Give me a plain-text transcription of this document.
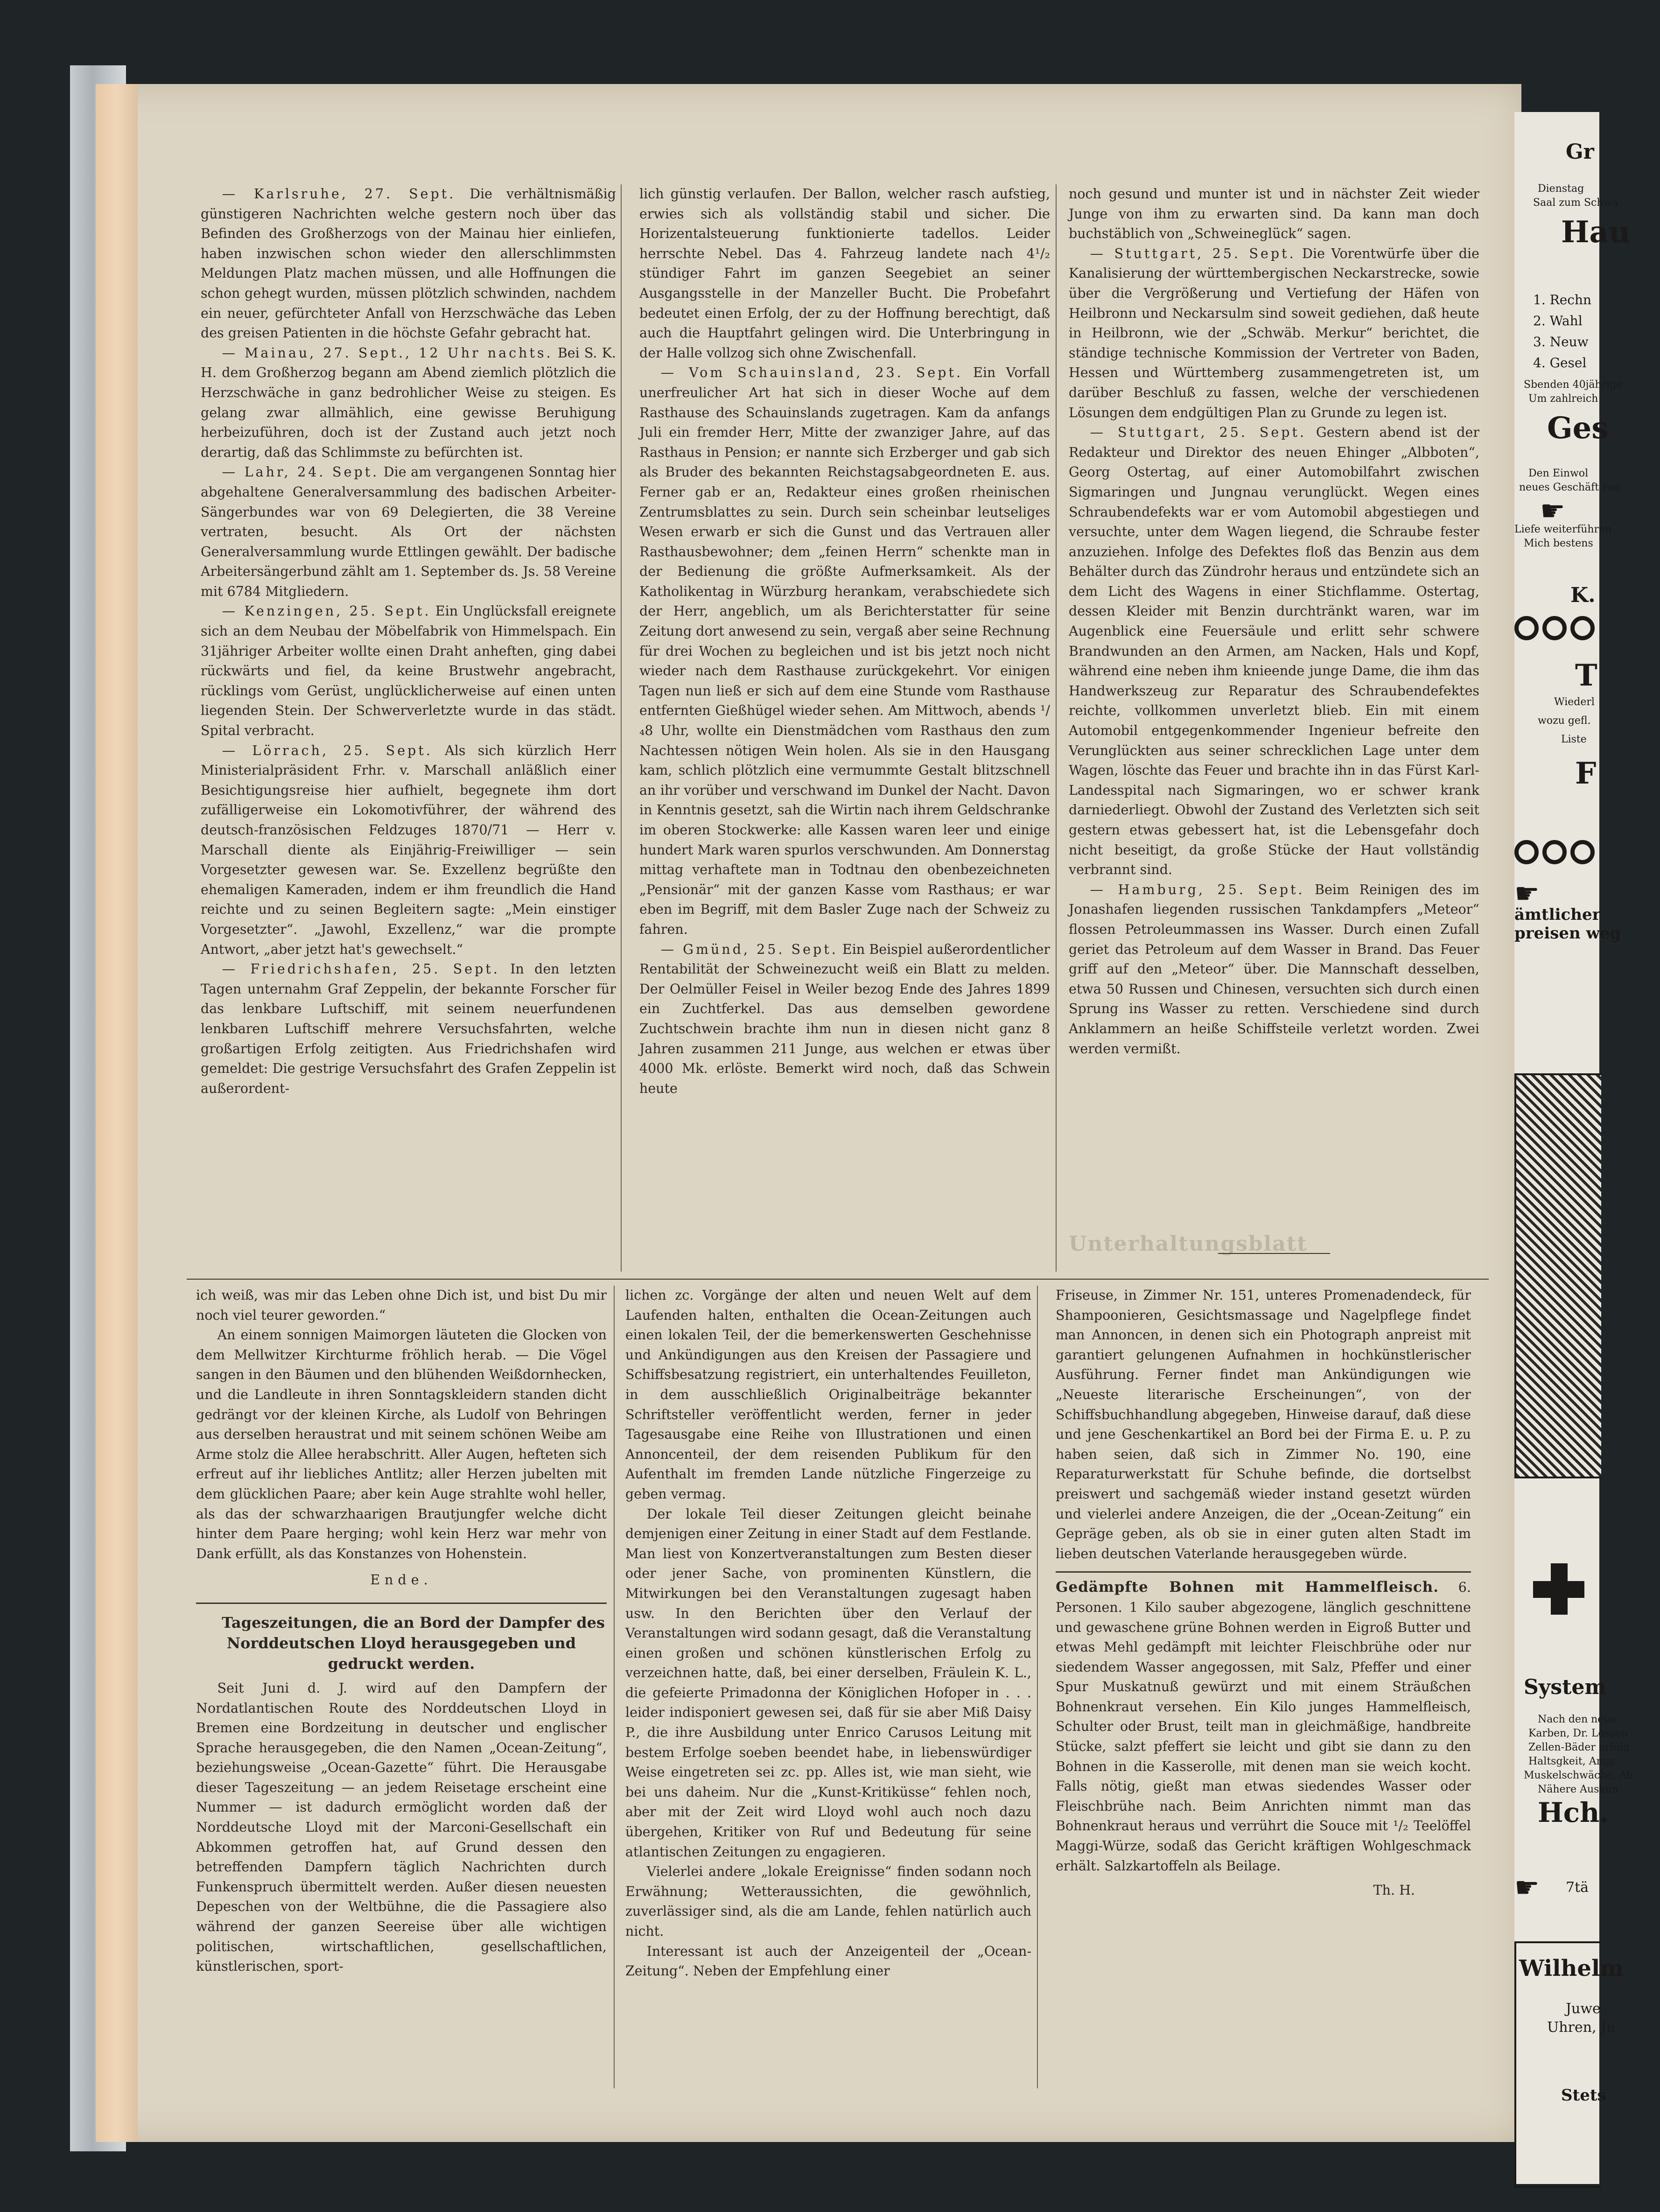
— Karlsruhe, 27. Sept. Die verhältnismäßig günstigeren Nachrichten welche gestern noch über das Befinden des Großherzogs von der Mainau hier einliefen, haben inzwischen schon wieder den allerschlimmsten Meldungen Platz machen müssen, und alle Hoffnungen die schon gehegt wurden, müssen plötzlich schwinden, nachdem ein neuer, gefürchteter Anfall von Herzschwäche das Leben des greisen Patienten in die höchste Gefahr gebracht hat.

— Mainau, 27. Sept., 12 Uhr nachts. Bei S. K. H. dem Großherzog begann am Abend ziemlich plötzlich die Herzschwäche in ganz bedrohlicher Weise zu steigen. Es gelang zwar allmählich, eine gewisse Beruhigung herbeizuführen, doch ist der Zustand auch jetzt noch derartig, daß das Schlimmste zu befürchten ist.

— Lahr, 24. Sept. Die am vergangenen Sonntag hier abgehaltene Generalversammlung des badischen Arbeiter-Sängerbundes war von 69 Delegierten, die 38 Vereine vertraten, besucht. Als Ort der nächsten Generalversammlung wurde Ettlingen gewählt. Der badische Arbeitersängerbund zählt am 1. September ds. Js. 58 Vereine mit 6784 Mitgliedern.

— Kenzingen, 25. Sept. Ein Unglücksfall ereignete sich an dem Neubau der Möbelfabrik von Himmelspach. Ein 31jähriger Arbeiter wollte einen Draht anheften, ging dabei rückwärts und fiel, da keine Brustwehr angebracht, rücklings vom Gerüst, unglücklicherweise auf einen unten liegenden Stein. Der Schwerverletzte wurde in das städt. Spital verbracht.

— Lörrach, 25. Sept. Als sich kürzlich Herr Ministerialpräsident Frhr. v. Marschall anläßlich einer Besichtigungsreise hier aufhielt, begegnete ihm dort zufälligerweise ein Lokomotivführer, der während des deutsch-französischen Feldzuges 1870/71 — Herr v. Marschall diente als Einjährig-Freiwilliger — sein Vorgesetzter gewesen war. Se. Exzellenz begrüßte den ehemaligen Kameraden, indem er ihm freundlich die Hand reichte und zu seinen Begleitern sagte: „Mein einstiger Vorgesetzter“. „Jawohl, Exzellenz,“ war die prompte Antwort, „aber jetzt hat's gewechselt.“

— Friedrichshafen, 25. Sept. In den letzten Tagen unternahm Graf Zeppelin, der bekannte Forscher für das lenkbare Luftschiff, mit seinem neuerfundenen lenkbaren Luftschiff mehrere Versuchsfahrten, welche großartigen Erfolg zeitigten. Aus Friedrichshafen wird gemeldet: Die gestrige Versuchsfahrt des Grafen Zeppelin ist außerordent-

lich günstig verlaufen. Der Ballon, welcher rasch aufstieg, erwies sich als vollständig stabil und sicher. Die Horizentalsteuerung funktionierte tadellos. Leider herrschte Nebel. Das 4. Fahrzeug landete nach 4¹/₂ stündiger Fahrt im ganzen Seegebiet an seiner Ausgangsstelle in der Manzeller Bucht. Die Probefahrt bedeutet einen Erfolg, der zu der Hoffnung berechtigt, daß auch die Hauptfahrt gelingen wird. Die Unterbringung in der Halle vollzog sich ohne Zwischenfall.

— Vom Schauinsland, 23. Sept. Ein Vorfall unerfreulicher Art hat sich in dieser Woche auf dem Rasthause des Schauinslands zugetragen. Kam da anfangs Juli ein fremder Herr, Mitte der zwanziger Jahre, auf das Rasthaus in Pension; er nannte sich Erzberger und gab sich als Bruder des bekannten Reichstagsabgeordneten E. aus. Ferner gab er an, Redakteur eines großen rheinischen Zentrumsblattes zu sein. Durch sein scheinbar leutseliges Wesen erwarb er sich die Gunst und das Vertrauen aller Rasthausbewohner; dem „feinen Herrn“ schenkte man in der Bedienung die größte Aufmerksamkeit. Als der Katholikentag in Würzburg herankam, verabschiedete sich der Herr, angeblich, um als Berichterstatter für seine Zeitung dort anwesend zu sein, vergaß aber seine Rechnung für drei Wochen zu begleichen und ist bis jetzt noch nicht wieder nach dem Rasthause zurückgekehrt. Vor einigen Tagen nun ließ er sich auf dem eine Stunde vom Rasthause entfernten Gießhügel wieder sehen. Am Mittwoch, abends ¹/₄8 Uhr, wollte ein Dienstmädchen vom Rasthaus den zum Nachtessen nötigen Wein holen. Als sie in den Hausgang kam, schlich plötzlich eine vermummte Gestalt blitzschnell an ihr vorüber und verschwand im Dunkel der Nacht. Davon in Kenntnis gesetzt, sah die Wirtin nach ihrem Geldschranke im oberen Stockwerke: alle Kassen waren leer und einige hundert Mark waren spurlos verschwunden. Am Donnerstag mittag verhaftete man in Todtnau den obenbezeichneten „Pensionär“ mit der ganzen Kasse vom Rasthaus; er war eben im Begriff, mit dem Basler Zuge nach der Schweiz zu fahren.

— Gmünd, 25. Sept. Ein Beispiel außerordentlicher Rentabilität der Schweinezucht weiß ein Blatt zu melden. Der Oelmüller Feisel in Weiler bezog Ende des Jahres 1899 ein Zuchtferkel. Das aus demselben gewordene Zuchtschwein brachte ihm nun in diesen nicht ganz 8 Jahren zusammen 211 Junge, aus welchen er etwas über 4000 Mk. erlöste. Bemerkt wird noch, daß das Schwein heute

noch gesund und munter ist und in nächster Zeit wieder Junge von ihm zu erwarten sind. Da kann man doch buchstäblich von „Schweineglück“ sagen.

— Stuttgart, 25. Sept. Die Vorentwürfe über die Kanalisierung der württembergischen Neckarstrecke, sowie über die Vergrößerung und Vertiefung der Häfen von Heilbronn und Neckarsulm sind soweit gediehen, daß heute in Heilbronn, wie der „Schwäb. Merkur“ berichtet, die ständige technische Kommission der Vertreter von Baden, Hessen und Württemberg zusammengetreten ist, um darüber Beschluß zu fassen, welche der verschiedenen Lösungen dem endgültigen Plan zu Grunde zu legen ist.

— Stuttgart, 25. Sept. Gestern abend ist der Redakteur und Direktor des neuen Ehinger „Albboten“, Georg Ostertag, auf einer Automobilfahrt zwischen Sigmaringen und Jungnau verunglückt. Wegen eines Schraubendefekts war er vom Automobil abgestiegen und versuchte, unter dem Wagen liegend, die Schraube fester anzuziehen. Infolge des Defektes floß das Benzin aus dem Behälter durch das Zündrohr heraus und entzündete sich an dem Licht des Wagens in einer Stichflamme. Ostertag, dessen Kleider mit Benzin durchtränkt waren, war im Augenblick eine Feuersäule und erlitt sehr schwere Brandwunden an den Armen, am Nacken, Hals und Kopf, während eine neben ihm knieende junge Dame, die ihm das Handwerkszeug zur Reparatur des Schraubendefektes reichte, vollkommen unverletzt blieb. Ein mit einem Automobil entgegenkommender Ingenieur befreite den Verunglückten aus seiner schrecklichen Lage unter dem Wagen, löschte das Feuer und brachte ihn in das Fürst Karl-Landesspital nach Sigmaringen, wo er schwer krank darniederliegt. Obwohl der Zustand des Verletzten sich seit gestern etwas gebessert hat, ist die Lebensgefahr doch nicht beseitigt, da große Stücke der Haut vollständig verbrannt sind.

— Hamburg, 25. Sept. Beim Reinigen des im Jonashafen liegenden russischen Tankdampfers „Meteor“ flossen Petroleummassen ins Wasser. Durch einen Zufall geriet das Petroleum auf dem Wasser in Brand. Das Feuer griff auf den „Meteor“ über. Die Mannschaft desselben, etwa 50 Russen und Chinesen, versuchten sich durch einen Sprung ins Wasser zu retten. Verschiedene sind durch Anklammern an heiße Schiffsteile verletzt worden. Zwei werden vermißt.

Unterhaltungsblatt

ich weiß, was mir das Leben ohne Dich ist, und bist Du mir noch viel teurer geworden.“

An einem sonnigen Maimorgen läuteten die Glocken von dem Mellwitzer Kirchturme fröhlich herab. — Die Vögel sangen in den Bäumen und den blühenden Weißdornhecken, und die Landleute in ihren Sonntagskleidern standen dicht gedrängt vor der kleinen Kirche, als Ludolf von Behringen aus derselben heraustrat und mit seinem schönen Weibe am Arme stolz die Allee herabschritt. Aller Augen, hefteten sich erfreut auf ihr liebliches Antlitz; aller Herzen jubelten mit dem glücklichen Paare; aber kein Auge strahlte wohl heller, als das der schwarzhaarigen Brautjungfer welche dicht hinter dem Paare herging; wohl kein Herz war mehr von Dank erfüllt, als das Konstanzes von Hohenstein.

Ende.

Tageszeitungen, die an Bord der Dampfer des Norddeutschen Lloyd herausgegeben und gedruckt werden.

Seit Juni d. J. wird auf den Dampfern der Nordatlantischen Route des Norddeutschen Lloyd in Bremen eine Bordzeitung in deutscher und englischer Sprache herausgegeben, die den Namen „Ocean-Zeitung“, beziehungsweise „Ocean-Gazette“ führt. Die Herausgabe dieser Tageszeitung — an jedem Reisetage erscheint eine Nummer — ist dadurch ermöglicht worden daß der Norddeutsche Lloyd mit der Marconi-Gesellschaft ein Abkommen getroffen hat, auf Grund dessen den betreffenden Dampfern täglich Nachrichten durch Funkenspruch übermittelt werden. Außer diesen neuesten Depeschen von der Weltbühne, die die Passagiere also während der ganzen Seereise über alle wichtigen politischen, wirtschaftlichen, gesellschaftlichen, künstlerischen, sport-

lichen zc. Vorgänge der alten und neuen Welt auf dem Laufenden halten, enthalten die Ocean-Zeitungen auch einen lokalen Teil, der die bemerkenswerten Geschehnisse und Ankündigungen aus den Kreisen der Passagiere und Schiffsbesatzung registriert, ein unterhaltendes Feuilleton, in dem ausschließlich Originalbeiträge bekannter Schriftsteller veröffentlicht werden, ferner in jeder Tagesausgabe eine Reihe von Illustrationen und einen Annoncenteil, der dem reisenden Publikum für den Aufenthalt im fremden Lande nützliche Fingerzeige zu geben vermag.

Der lokale Teil dieser Zeitungen gleicht beinahe demjenigen einer Zeitung in einer Stadt auf dem Festlande. Man liest von Konzertveranstaltungen zum Besten dieser oder jener Sache, von prominenten Künstlern, die Mitwirkungen bei den Veranstaltungen zugesagt haben usw. In den Berichten über den Verlauf der Veranstaltungen wird sodann gesagt, daß die Veranstaltung einen großen und schönen künstlerischen Erfolg zu verzeichnen hatte, daß, bei einer derselben, Fräulein K. L., die gefeierte Primadonna der Königlichen Hofoper in . . . leider indisponiert gewesen sei, daß für sie aber Miß Daisy P., die ihre Ausbildung unter Enrico Carusos Leitung mit bestem Erfolge soeben beendet habe, in liebenswürdiger Weise eingetreten sei zc. pp. Alles ist, wie man sieht, wie bei uns daheim. Nur die „Kunst-Kritiküsse“ fehlen noch, aber mit der Zeit wird Lloyd wohl auch noch dazu übergehen, Kritiker von Ruf und Bedeutung für seine atlantischen Zeitungen zu engagieren.

Vielerlei andere „lokale Ereignisse“ finden sodann noch Erwähnung; Wetteraussichten, die gewöhnlich, zuverlässiger sind, als die am Lande, fehlen natürlich auch nicht.

Interessant ist auch der Anzeigenteil der „Ocean-Zeitung“. Neben der Empfehlung einer

Friseuse, in Zimmer Nr. 151, unteres Promenadendeck, für Shampoonieren, Gesichtsmassage und Nagelpflege findet man Annoncen, in denen sich ein Photograph anpreist mit garantiert gelungenen Aufnahmen in hochkünstlerischer Ausführung. Ferner findet man Ankündigungen wie „Neueste literarische Erscheinungen“, von der Schiffsbuchhandlung abgegeben, Hinweise darauf, daß diese und jene Geschenkartikel an Bord bei der Firma E. u. P. zu haben seien, daß sich in Zimmer No. 190, eine Reparaturwerkstatt für Schuhe befinde, die dortselbst preiswert und sachgemäß wieder instand gesetzt würden und vielerlei andere Anzeigen, die der „Ocean-Zeitung“ ein Gepräge geben, als ob sie in einer guten alten Stadt im lieben deutschen Vaterlande herausgegeben würde.

Gedämpfte Bohnen mit Hammelfleisch. 6. Personen. 1 Kilo sauber abgezogene, länglich geschnittene und gewaschene grüne Bohnen werden in Eigroß Butter und etwas Mehl gedämpft mit leichter Fleischbrühe oder nur siedendem Wasser angegossen, mit Salz, Pfeffer und einer Spur Muskatnuß gewürzt und mit einem Sträußchen Bohnenkraut versehen. Ein Kilo junges Hammelfleisch, Schulter oder Brust, teilt man in gleichmäßige, handbreite Stücke, salzt pfeffert sie leicht und gibt sie dann zu den Bohnen in die Kasserolle, mit denen man sie weich kocht. Falls nötig, gießt man etwas siedendes Wasser oder Fleischbrühe nach. Beim Anrichten nimmt man das Bohnenkraut heraus und verrührt die Souce mit ¹/₂ Teelöffel Maggi-Würze, sodaß das Gericht kräftigen Wohlgeschmack erhält. Salzkartoffeln als Beilage.

Th. H.

Gr
Dienstag
Saal zum Schwa
Hau
1. Rechn
2. Wahl
3. Neuw
4. Gesel
Sbenden 40jährige
Um zahlreich
Ges
Den Einwol
neues Geschäft von
☛
Liefe weiterführen
Mich bestens
K.
T
Wiederl
wozu gefl.
Liste
F
☛
ämtlicher
preisen weg
System
Nach den neue
Karben, Dr. Lossen
Zellen-Bäder erfolg
Haltsgkeit, Angs
Muskelschwäche, Ab
Nähere Auskun
Hch.
☛ 7tä
Wilhelm
Juwe
Uhren, Ju
Stets
